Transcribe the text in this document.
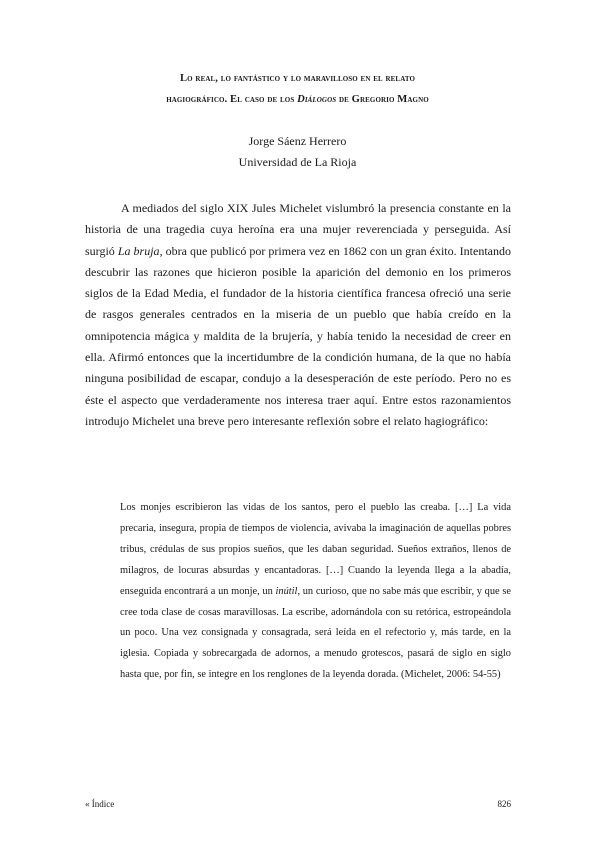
Lo real, lo fantástico y lo maravilloso en el relato
hagiográfico. El caso de los Diálogos de Gregorio Magno
Jorge Sáenz Herrero
Universidad de La Rioja

A mediados del siglo XIX Jules Michelet vislumbró la presencia constante en la historia de una tragedia cuya heroína era una mujer reverenciada y perseguida. Así surgió La bruja, obra que publicó por primera vez en 1862 con un gran éxito. Intentando descubrir las razones que hicieron posible la aparición del demonio en los primeros siglos de la Edad Media, el fundador de la historia científica francesa ofreció una serie de rasgos generales centrados en la miseria de un pueblo que había creído en la omnipotencia mágica y maldita de la brujería, y había tenido la necesidad de creer en ella. Afirmó entonces que la incertidumbre de la condición humana, de la que no había ninguna posibilidad de escapar, condujo a la desesperación de este período. Pero no es éste el aspecto que verdaderamente nos interesa traer aquí. Entre estos razonamientos introdujo Michelet una breve pero interesante reflexión sobre el relato hagiográfico:

Los monjes escribieron las vidas de los santos, pero el pueblo las creaba. […] La vida precaria, insegura, propia de tiempos de violencia, avivaba la imaginación de aquellas pobres tribus, crédulas de sus propios sueños, que les daban seguridad. Sueños extraños, llenos de milagros, de locuras absurdas y encantadoras. […] Cuando la leyenda llega a la abadía, enseguida encontrará a un monje, un inútil, un curioso, que no sabe más que escribir, y que se cree toda clase de cosas maravillosas. La escribe, adornándola con su retórica, estropeándola un poco. Una vez consignada y consagrada, será leída en el refectorio y, más tarde, en la iglesia. Copiada y sobrecargada de adornos, a menudo grotescos, pasará de siglo en siglo hasta que, por fin, se integre en los renglones de la leyenda dorada. (Michelet, 2006: 54-55)

« Índice	826
